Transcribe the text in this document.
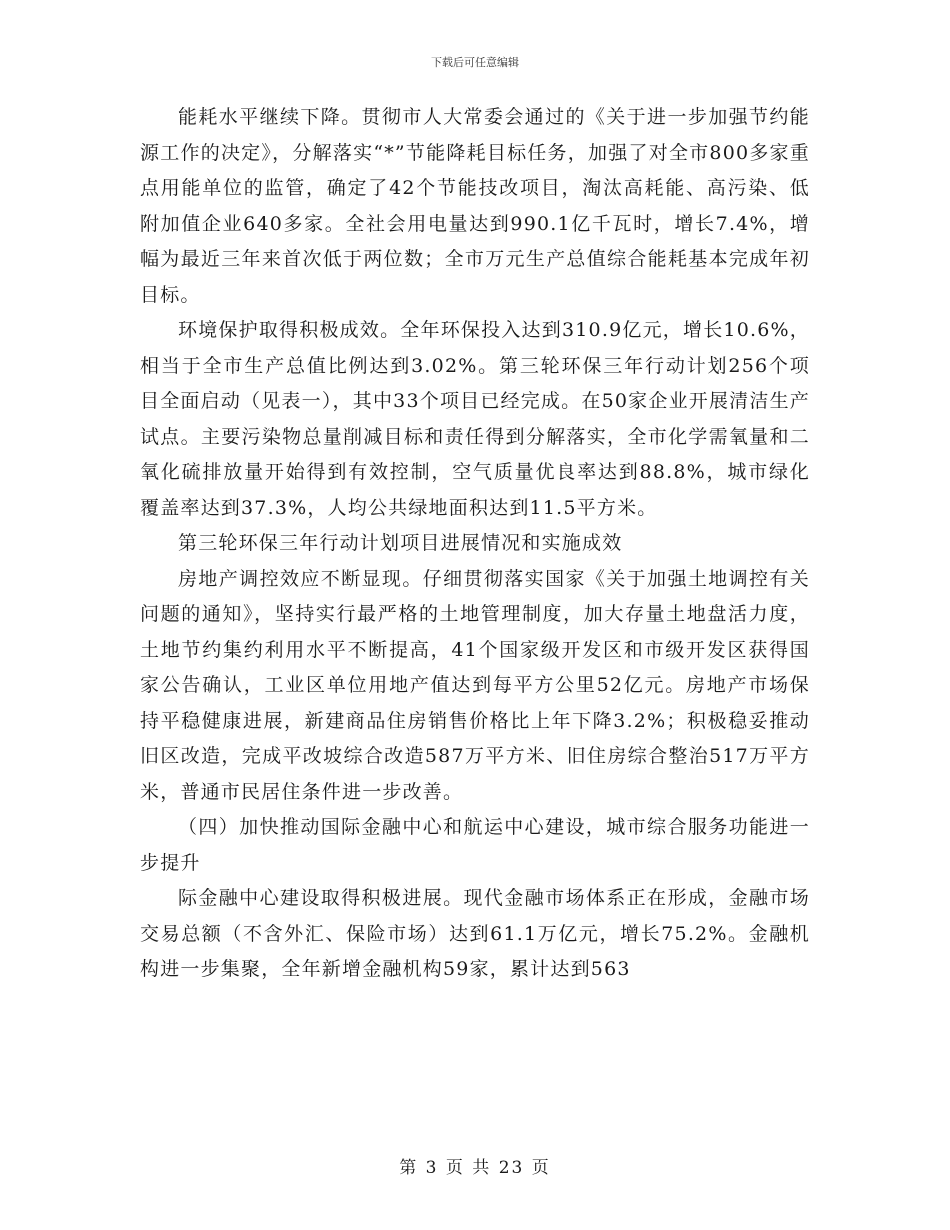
下载后可任意编辑

能耗水平继续下降。贯彻市人大常委会通过的《关于进一步加强节约能源工作的决定》，分解落实“*”节能降耗目标任务，加强了对全市800多家重点用能单位的监管，确定了42个节能技改项目，淘汰高耗能、高污染、低附加值企业640多家。全社会用电量达到990.1亿千瓦时，增长7.4%，增幅为最近三年来首次低于两位数；全市万元生产总值综合能耗基本完成年初目标。

环境保护取得积极成效。全年环保投入达到310.9亿元，增长10.6%，相当于全市生产总值比例达到3.02%。第三轮环保三年行动计划256个项目全面启动（见表一），其中33个项目已经完成。在50家企业开展清洁生产试点。主要污染物总量削减目标和责任得到分解落实，全市化学需氧量和二氧化硫排放量开始得到有效控制，空气质量优良率达到88.8%，城市绿化覆盖率达到37.3%，人均公共绿地面积达到11.5平方米。

第三轮环保三年行动计划项目进展情况和实施成效

房地产调控效应不断显现。仔细贯彻落实国家《关于加强土地调控有关问题的通知》，坚持实行最严格的土地管理制度，加大存量土地盘活力度，土地节约集约利用水平不断提高，41个国家级开发区和市级开发区获得国家公告确认，工业区单位用地产值达到每平方公里52亿元。房地产市场保持平稳健康进展，新建商品住房销售价格比上年下降3.2%；积极稳妥推动旧区改造，完成平改坡综合改造587万平方米、旧住房综合整治517万平方米，普通市民居住条件进一步改善。

（四）加快推动国际金融中心和航运中心建设，城市综合服务功能进一步提升

际金融中心建设取得积极进展。现代金融市场体系正在形成，金融市场交易总额（不含外汇、保险市场）达到61.1万亿元，增长75.2%。金融机构进一步集聚，全年新增金融机构59家，累计达到563

第 3 页 共 23 页
